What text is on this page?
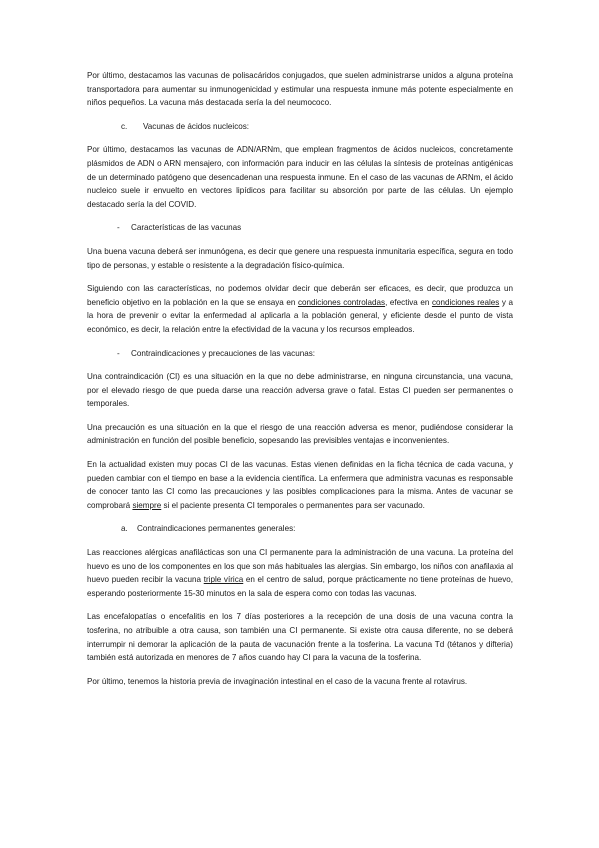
Por último, destacamos las vacunas de polisacáridos conjugados, que suelen administrarse unidos a alguna proteína transportadora para aumentar su inmunogenicidad y estimular una respuesta inmune más potente especialmente en niños pequeños. La vacuna más destacada sería la del neumococo.

c.	Vacunas de ácidos nucleicos:

Por último, destacamos las vacunas de ADN/ARNm, que emplean fragmentos de ácidos nucleicos, concretamente plásmidos de ADN o ARN mensajero, con información para inducir en las células la síntesis de proteínas antigénicas de un determinado patógeno que desencadenan una respuesta inmune. En el caso de las vacunas de ARNm, el ácido nucleico suele ir envuelto en vectores lipídicos para facilitar su absorción por parte de las células. Un ejemplo destacado sería la del COVID.

-	Características de las vacunas

Una buena vacuna deberá ser inmunógena, es decir que genere una respuesta inmunitaria específica, segura en todo tipo de personas, y estable o resistente a la degradación físico-química.

Siguiendo con las características, no podemos olvidar decir que deberán ser eficaces, es decir, que produzca un beneficio objetivo en la población en la que se ensaya en condiciones controladas, efectiva en condiciones reales y a la hora de prevenir o evitar la enfermedad al aplicarla a la población general, y eficiente desde el punto de vista económico, es decir, la relación entre la efectividad de la vacuna y los recursos empleados.

-	Contraindicaciones y precauciones de las vacunas:

Una contraindicación (CI) es una situación en la que no debe administrarse, en ninguna circunstancia, una vacuna, por el elevado riesgo de que pueda darse una reacción adversa grave o fatal. Estas CI pueden ser permanentes o temporales.

Una precaución es una situación en la que el riesgo de una reacción adversa es menor, pudiéndose considerar la administración en función del posible beneficio, sopesando las previsibles ventajas e inconvenientes.

En la actualidad existen muy pocas CI de las vacunas. Estas vienen definidas en la ficha técnica de cada vacuna, y pueden cambiar con el tiempo en base a la evidencia científica. La enfermera que administra vacunas es responsable de conocer tanto las CI como las precauciones y las posibles complicaciones para la misma. Antes de vacunar se comprobará siempre si el paciente presenta CI temporales o permanentes para ser vacunado.

a.	Contraindicaciones permanentes generales:

Las reacciones alérgicas anafilácticas son una CI permanente para la administración de una vacuna. La proteína del huevo es uno de los componentes en los que son más habituales las alergias. Sin embargo, los niños con anafilaxia al huevo pueden recibir la vacuna triple vírica en el centro de salud, porque prácticamente no tiene proteínas de huevo, esperando posteriormente 15-30 minutos en la sala de espera como con todas las vacunas.

Las encefalopatías o encefalitis en los 7 días posteriores a la recepción de una dosis de una vacuna contra la tosferina, no atribuible a otra causa, son también una CI permanente. Si existe otra causa diferente, no se deberá interrumpir ni demorar la aplicación de la pauta de vacunación frente a la tosferina. La vacuna Td (tétanos y difteria) también está autorizada en menores de 7 años cuando hay CI para la vacuna de la tosferina.

Por último, tenemos la historia previa de invaginación intestinal en el caso de la vacuna frente al rotavirus.
